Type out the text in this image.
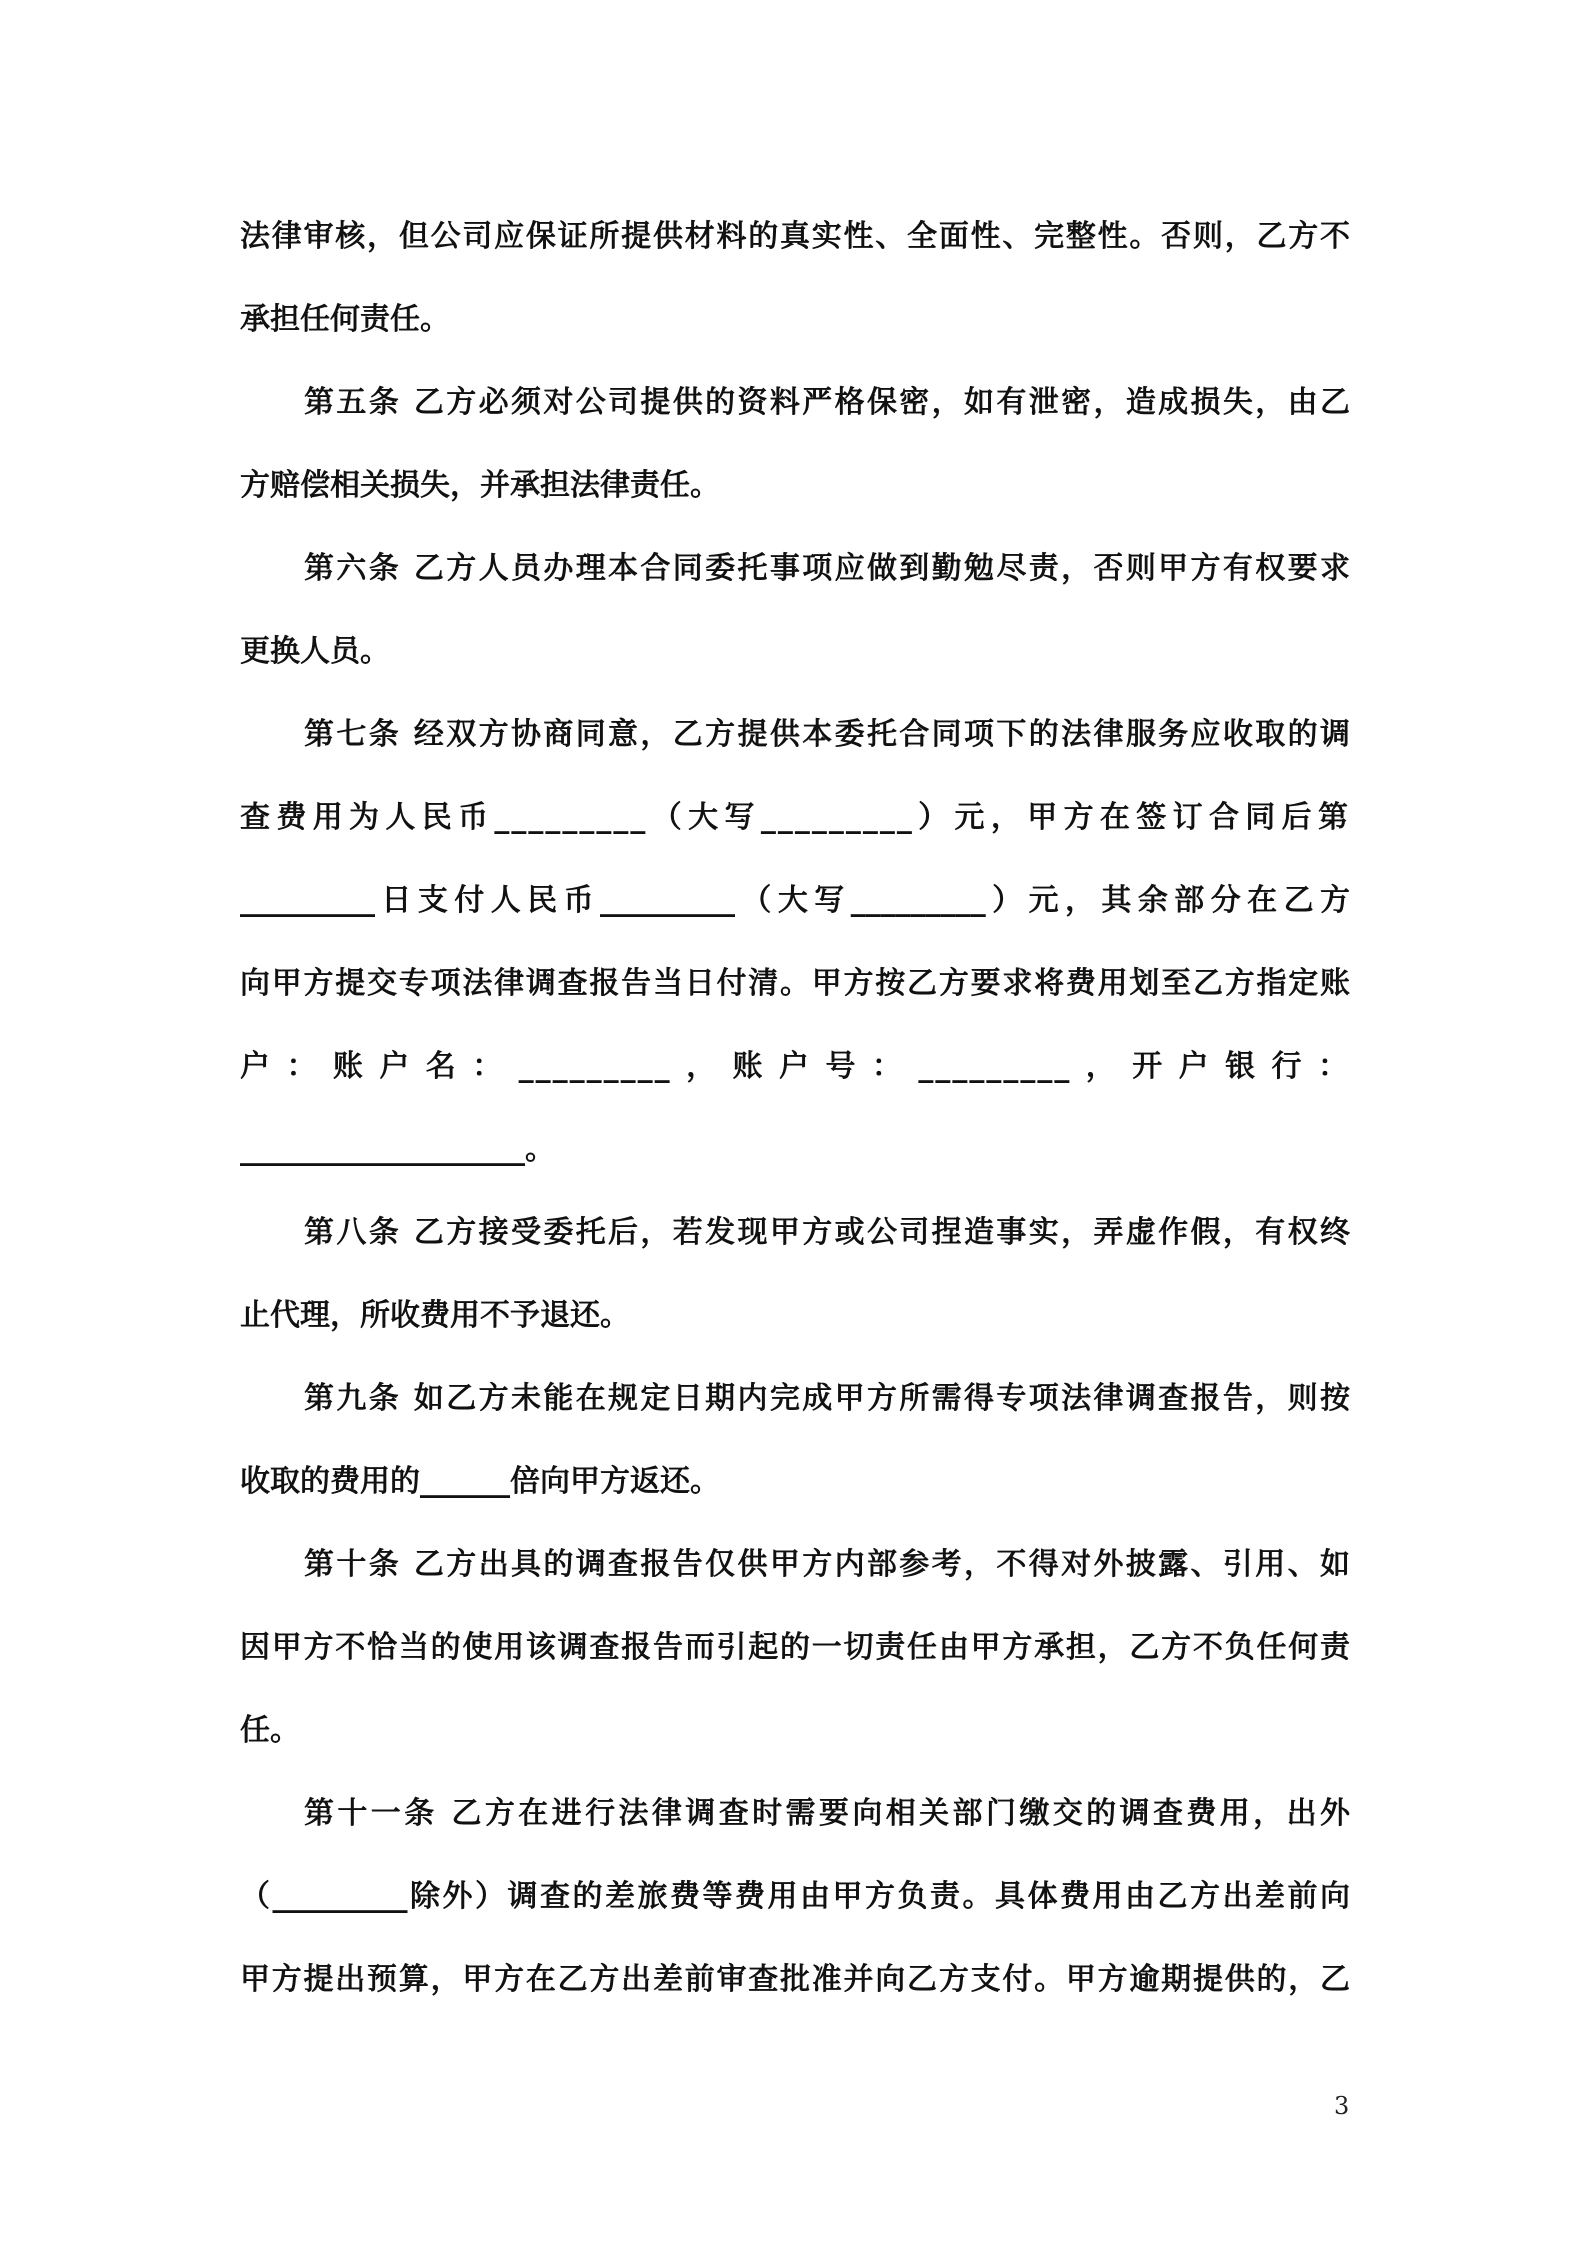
法律审核，但公司应保证所提供材料的真实性、全面性、完整性。否则，乙方不
承担任何责任。
第五条 乙方必须对公司提供的资料严格保密，如有泄密，造成损失，由乙
方赔偿相关损失，并承担法律责任。
第六条 乙方人员办理本合同委托事项应做到勤勉尽责，否则甲方有权要求
更换人员。
第七条 经双方协商同意，乙方提供本委托合同项下的法律服务应收取的调
查费用为人民币_________（大写_________）元，甲方在签订合同后第
_________日支付人民币_________（大写_________）元，其余部分在乙方
向甲方提交专项法律调查报告当日付清。甲方按乙方要求将费用划至乙方指定账
户：账户名：_________，账户号：_________，开户银行：
___________________。
第八条 乙方接受委托后，若发现甲方或公司捏造事实，弄虚作假，有权终
止代理，所收费用不予退还。
第九条 如乙方未能在规定日期内完成甲方所需得专项法律调查报告，则按
收取的费用的______倍向甲方返还。
第十条 乙方出具的调查报告仅供甲方内部参考，不得对外披露、引用、如
因甲方不恰当的使用该调查报告而引起的一切责任由甲方承担，乙方不负任何责
任。
第十一条 乙方在进行法律调查时需要向相关部门缴交的调查费用，出外
（_________除外）调查的差旅费等费用由甲方负责。具体费用由乙方出差前向
甲方提出预算，甲方在乙方出差前审查批准并向乙方支付。甲方逾期提供的，乙
3
